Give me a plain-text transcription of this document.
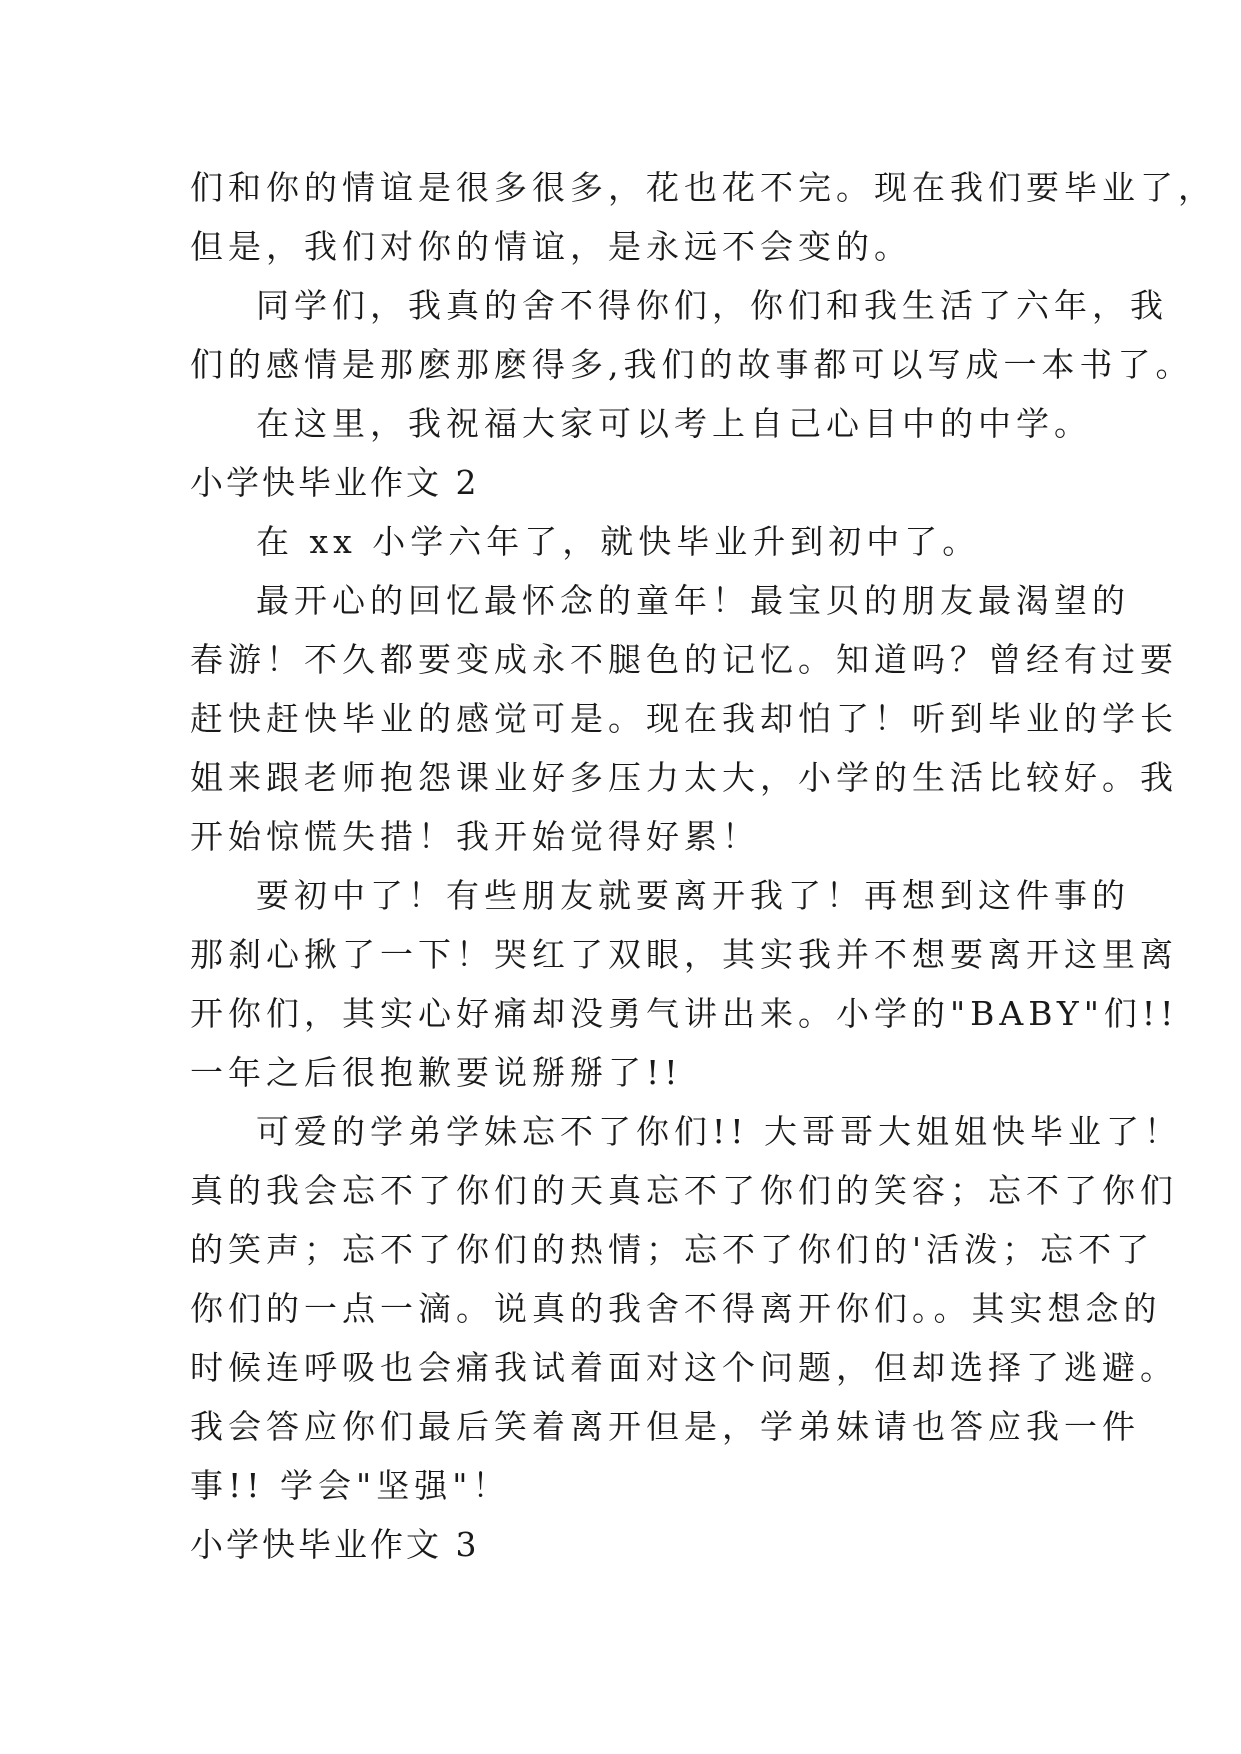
们和你的情谊是很多很多，花也花不完。现在我们要毕业了，
但是，我们对你的情谊，是永远不会变的。
同学们，我真的舍不得你们，你们和我生活了六年，我
们的感情是那麽那麽得多,我们的故事都可以写成一本书了。
在这里，我祝福大家可以考上自己心目中的中学。
小学快毕业作文 2
在 xx 小学六年了，就快毕业升到初中了。
最开心的回忆最怀念的童年！最宝贝的朋友最渴望的
春游！不久都要变成永不腿色的记忆。知道吗？曾经有过要
赶快赶快毕业的感觉可是。现在我却怕了！听到毕业的学长
姐来跟老师抱怨课业好多压力太大，小学的生活比较好。我
开始惊慌失措！我开始觉得好累！
要初中了！有些朋友就要离开我了！再想到这件事的
那刹心揪了一下！哭红了双眼，其实我并不想要离开这里离
开你们，其实心好痛却没勇气讲出来。小学的"BABY"们!!
一年之后很抱歉要说掰掰了!!
可爱的学弟学妹忘不了你们!! 大哥哥大姐姐快毕业了！
真的我会忘不了你们的天真忘不了你们的笑容；忘不了你们
的笑声；忘不了你们的热情；忘不了你们的'活泼；忘不了
你们的一点一滴。说真的我舍不得离开你们。。其实想念的
时候连呼吸也会痛我试着面对这个问题，但却选择了逃避。
我会答应你们最后笑着离开但是，学弟妹请也答应我一件
事!! 学会"坚强"！
小学快毕业作文 3
